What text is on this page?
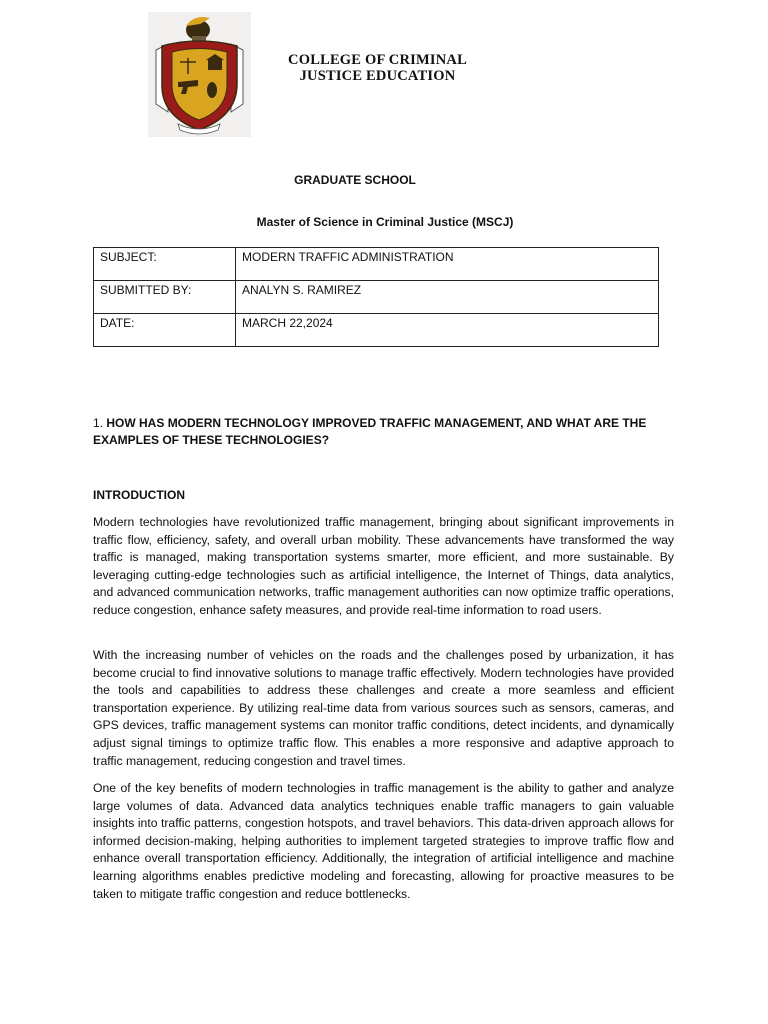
COLLEGE OF CRIMINAL
JUSTICE EDUCATION
GRADUATE SCHOOL
Master of Science in Criminal Justice (MSCJ)
SUBJECT:	MODERN TRAFFIC ADMINISTRATION
SUBMITTED BY:	ANALYN S. RAMIREZ
DATE:	MARCH 22,2024
1. HOW HAS MODERN TECHNOLOGY IMPROVED TRAFFIC MANAGEMENT, AND WHAT ARE THE EXAMPLES OF THESE TECHNOLOGIES?
INTRODUCTION
Modern technologies have revolutionized traffic management, bringing about significant improvements in traffic flow, efficiency, safety, and overall urban mobility. These advancements have transformed the way traffic is managed, making transportation systems smarter, more efficient, and more sustainable. By leveraging cutting-edge technologies such as artificial intelligence, the Internet of Things, data analytics, and advanced communication networks, traffic management authorities can now optimize traffic operations, reduce congestion, enhance safety measures, and provide real-time information to road users.
With the increasing number of vehicles on the roads and the challenges posed by urbanization, it has become crucial to find innovative solutions to manage traffic effectively. Modern technologies have provided the tools and capabilities to address these challenges and create a more seamless and efficient transportation experience. By utilizing real-time data from various sources such as sensors, cameras, and GPS devices, traffic management systems can monitor traffic conditions, detect incidents, and dynamically adjust signal timings to optimize traffic flow. This enables a more responsive and adaptive approach to traffic management, reducing congestion and travel times.
One of the key benefits of modern technologies in traffic management is the ability to gather and analyze large volumes of data. Advanced data analytics techniques enable traffic managers to gain valuable insights into traffic patterns, congestion hotspots, and travel behaviors. This data-driven approach allows for informed decision-making, helping authorities to implement targeted strategies to improve traffic flow and enhance overall transportation efficiency. Additionally, the integration of artificial intelligence and machine learning algorithms enables predictive modeling and forecasting, allowing for proactive measures to be taken to mitigate traffic congestion and reduce bottlenecks.
